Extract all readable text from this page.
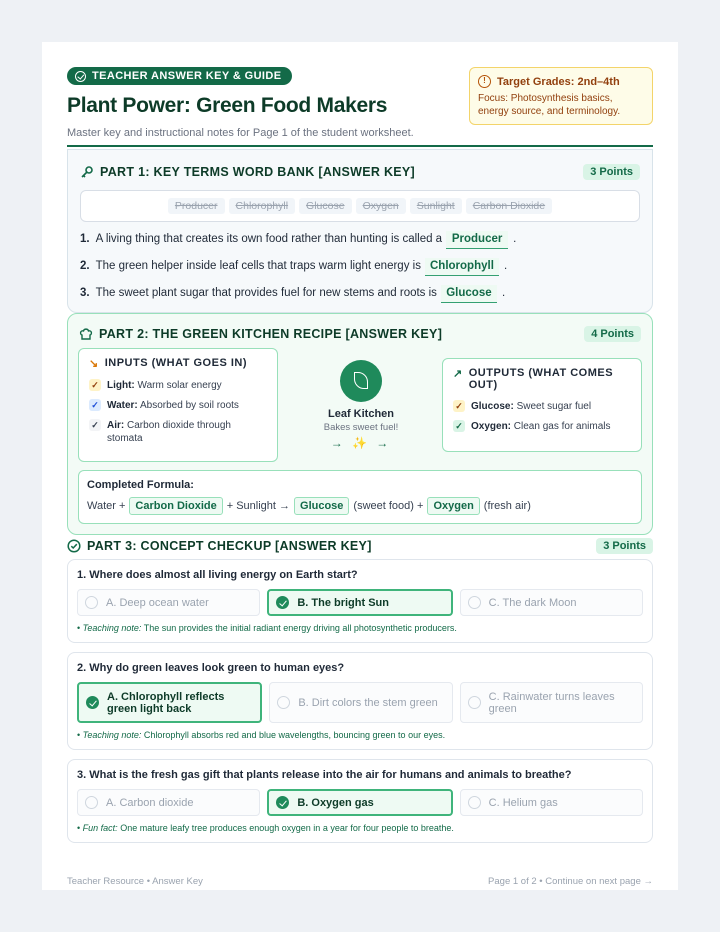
TEACHER ANSWER KEY & GUIDE
Plant Power: Green Food Makers
Master key and instructional notes for Page 1 of the student worksheet.
!	Target Grades: 2nd–4th
Focus: Photosynthesis basics, energy source, and terminology.
PART 1: KEY TERMS WORD BANK [ANSWER KEY]	3 Points
Producer	Chlorophyll	Glucose	Oxygen	Sunlight	Carbon Dioxide
1. A living thing that creates its own food rather than hunting is called a Producer .
2. The green helper inside leaf cells that traps warm light energy is Chlorophyll .
3. The sweet plant sugar that provides fuel for new stems and roots is Glucose .
PART 2: THE GREEN KITCHEN RECIPE [ANSWER KEY]	4 Points
↘ INPUTS (WHAT GOES IN)
✓ Light: Warm solar energy
✓ Water: Absorbed by soil roots
✓ Air: Carbon dioxide through stomata
Leaf Kitchen
Bakes sweet fuel!
→ ✨ →
↗ OUTPUTS (WHAT COMES OUT)
✓ Glucose: Sweet sugar fuel
✓ Oxygen: Clean gas for animals
Completed Formula:
Water + Carbon Dioxide + Sunlight → Glucose (sweet food) + Oxygen (fresh air)
PART 3: CONCEPT CHECKUP [ANSWER KEY]	3 Points
1. Where does almost all living energy on Earth start?
A. Deep ocean water	B. The bright Sun	C. The dark Moon
• Teaching note: The sun provides the initial radiant energy driving all photosynthetic producers.
2. Why do green leaves look green to human eyes?
A. Chlorophyll reflects green light back	B. Dirt colors the stem green	C. Rainwater turns leaves green
• Teaching note: Chlorophyll absorbs red and blue wavelengths, bouncing green to our eyes.
3. What is the fresh gas gift that plants release into the air for humans and animals to breathe?
A. Carbon dioxide	B. Oxygen gas	C. Helium gas
• Fun fact: One mature leafy tree produces enough oxygen in a year for four people to breathe.
Teacher Resource • Answer Key	Page 1 of 2 • Continue on next page →
